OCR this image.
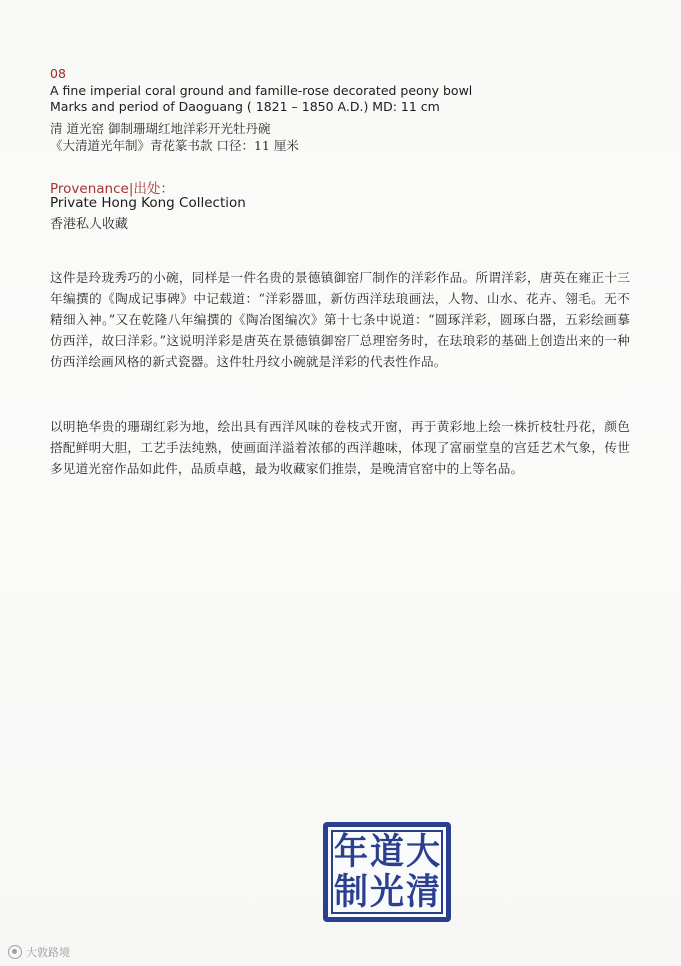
08
A fine imperial coral ground and famille-rose decorated peony bowl
Marks and period of Daoguang ( 1821 – 1850 A.D.) MD: 11 cm
清 道光窑 御制珊瑚红地洋彩开光牡丹碗
《大清道光年制》青花篆书款 口径：11 厘米
Provenance|出处：
Private Hong Kong Collection
香港私人收藏
这件是玲珑秀巧的小碗，同样是一件名贵的景德镇御窑厂制作的洋彩作品。所谓洋彩，唐英在雍正十三年编撰的《陶成记事碑》中记载道：“洋彩器皿，新仿西洋珐琅画法，人物、山水、花卉、翎毛。无不精细入神。”又在乾隆八年编撰的《陶冶图编次》第十七条中说道：“圆琢洋彩，圆琢白器，五彩绘画摹仿西洋，故曰洋彩。”这说明洋彩是唐英在景德镇御窑厂总理窑务时，在珐琅彩的基础上创造出来的一种仿西洋绘画风格的新式瓷器。这件牡丹纹小碗就是洋彩的代表性作品。
以明艳华贵的珊瑚红彩为地，绘出具有西洋风味的卷枝式开窗，再于黄彩地上绘一株折枝牡丹花，颜色搭配鲜明大胆，工艺手法纯熟，使画面洋溢着浓郁的西洋趣味，体现了富丽堂皇的宫廷艺术气象，传世多见道光窑作品如此件，品质卓越，最为收藏家们推崇，是晚清官窑中的上等名品。
大
道
年
清
光
制
大敦路境
